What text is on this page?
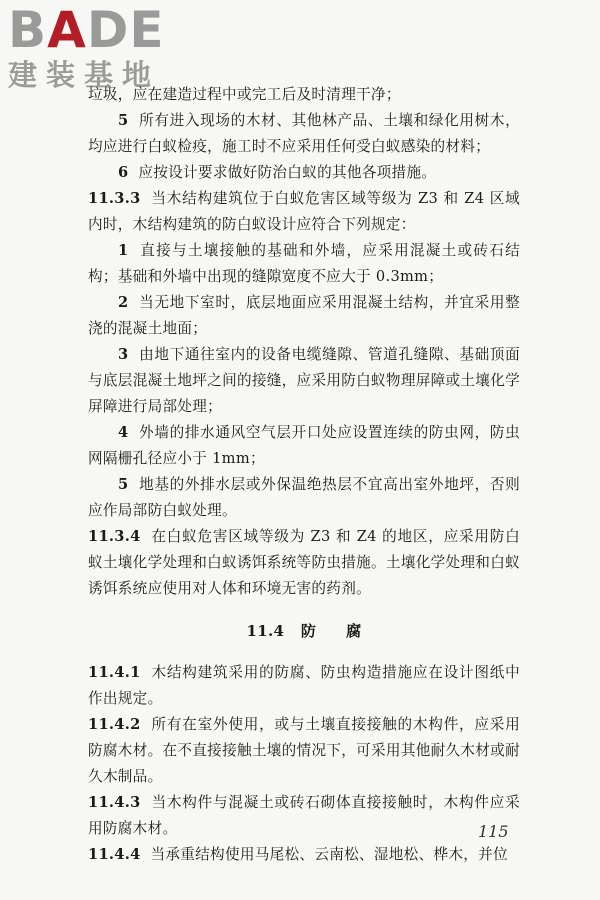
BADE
建装基地

垃圾，应在建造过程中或完工后及时清理干净；

5 所有进入现场的木材、其他林产品、土壤和绿化用树木，均应进行白蚁检疫，施工时不应采用任何受白蚁感染的材料；

6 应按设计要求做好防治白蚁的其他各项措施。

11.3.3 当木结构建筑位于白蚁危害区域等级为 Z3 和 Z4 区域内时，木结构建筑的防白蚁设计应符合下列规定：

1 直接与土壤接触的基础和外墙，应采用混凝土或砖石结构；基础和外墙中出现的缝隙宽度不应大于 0.3mm；

2 当无地下室时，底层地面应采用混凝土结构，并宜采用整浇的混凝土地面；

3 由地下通往室内的设备电缆缝隙、管道孔缝隙、基础顶面与底层混凝土地坪之间的接缝，应采用防白蚁物理屏障或土壤化学屏障进行局部处理；

4 外墙的排水通风空气层开口处应设置连续的防虫网，防虫网隔栅孔径应小于 1mm；

5 地基的外排水层或外保温绝热层不宜高出室外地坪，否则应作局部防白蚁处理。

11.3.4 在白蚁危害区域等级为 Z3 和 Z4 的地区，应采用防白蚁土壤化学处理和白蚁诱饵系统等防虫措施。土壤化学处理和白蚁诱饵系统应使用对人体和环境无害的药剂。

11.4 防 腐

11.4.1 木结构建筑采用的防腐、防虫构造措施应在设计图纸中作出规定。

11.4.2 所有在室外使用，或与土壤直接接触的木构件，应采用防腐木材。在不直接接触土壤的情况下，可采用其他耐久木材或耐久木制品。

11.4.3 当木构件与混凝土或砖石砌体直接接触时，木构件应采用防腐木材。

11.4.4 当承重结构使用马尾松、云南松、湿地松、桦木，并位

115
